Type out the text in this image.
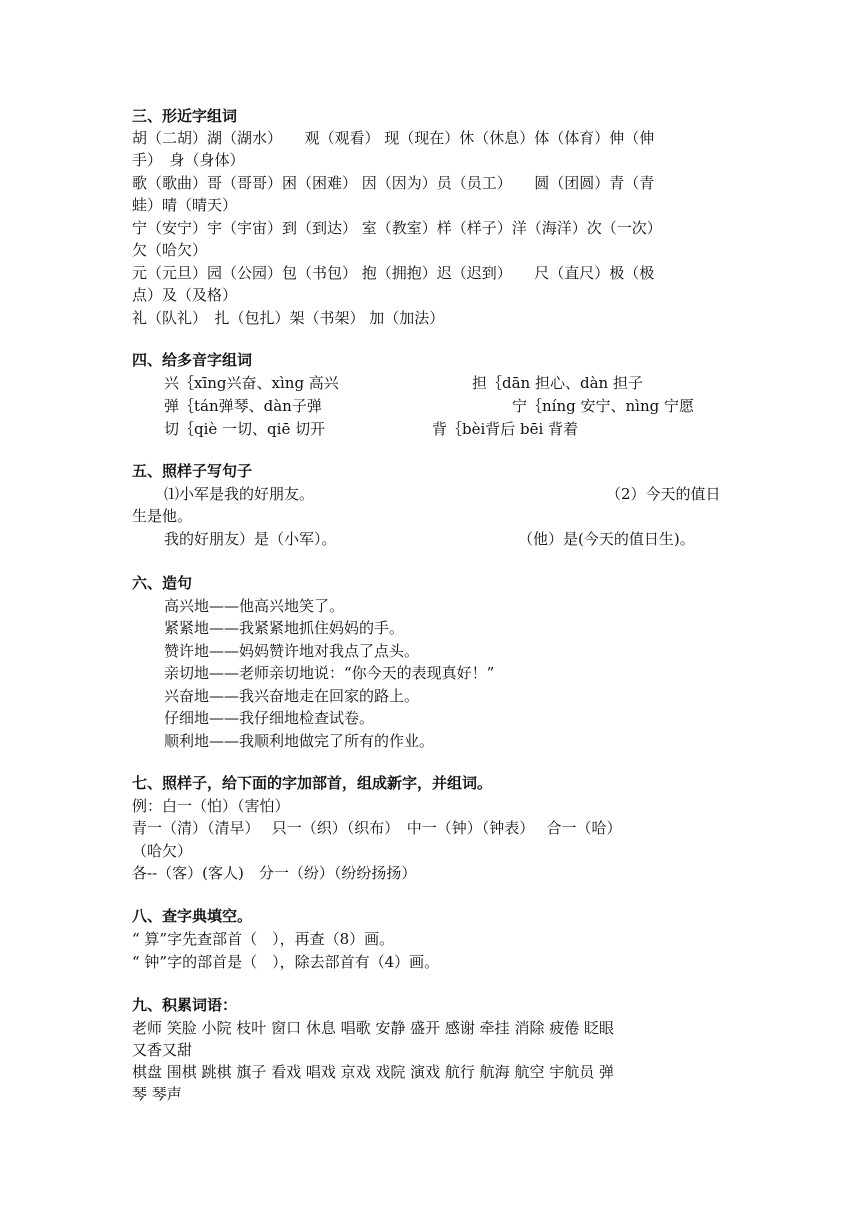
三、形近字组词
胡（二胡）湖（湖水）　　观（观看） 现（现在）休（休息）体（体育）伸（伸
手）　身（身体）
歌（歌曲）哥（哥哥）困（困难） 因（因为）员（员工）　　圆（团圆）青（青
蛙）晴（晴天）
宁（安宁）宇（宇宙）到（到达） 室（教室）样（样子）洋（海洋）次（一次）
欠（哈欠）
元（元旦）园（公园）包（书包） 抱（拥抱）迟（迟到）　　尺（直尺）极（极
点）及（及格）
礼（队礼）　扎（包扎）架（书架） 加（加法）
四、给多音字组词
兴｛xīng兴奋、xìng 高兴	担｛dān 担心、dàn 担子
弹｛tán弹琴、dàn子弹	宁｛níng 安宁、nìng 宁愿
切｛qiè 一切、qiē 切开	背｛bèi背后 bēi 背着
五、照样子写句子
⑴小军是我的好朋友。	（2）今天的值日
生是他。
我的好朋友）是（小军）。	（他）是(今天的值日生)。
六、造句
高兴地——他高兴地笑了。
紧紧地——我紧紧地抓住妈妈的手。
赞许地——妈妈赞许地对我点了点头。
亲切地——老师亲切地说：“你今天的表现真好！”
兴奋地——我兴奋地走在回家的路上。
仔细地——我仔细地检查试卷。
顺利地——我顺利地做完了所有的作业。
七、照样子，给下面的字加部首，组成新字，并组词。
例：白一（怕）（害怕）
青一（清）（清早）　 只一（织）（织布）　中一（钟）（钟表）　 合一（哈）
（哈欠）
各--（客）(客人)　分一（纷）（纷纷扬扬）
八、查字典填空。
“ 算”字先查部首（　），再查（8）画。
“ 钟”字的部首是（　），除去部首有（4）画。
九、积累词语：
老师 笑脸 小院 枝叶 窗口 休息 唱歌 安静 盛开 感谢 牵挂 消除 疲倦 眨眼
又香又甜
棋盘 围棋 跳棋 旗子 看戏 唱戏 京戏 戏院 演戏 航行 航海 航空 宇航员 弹
琴 琴声
